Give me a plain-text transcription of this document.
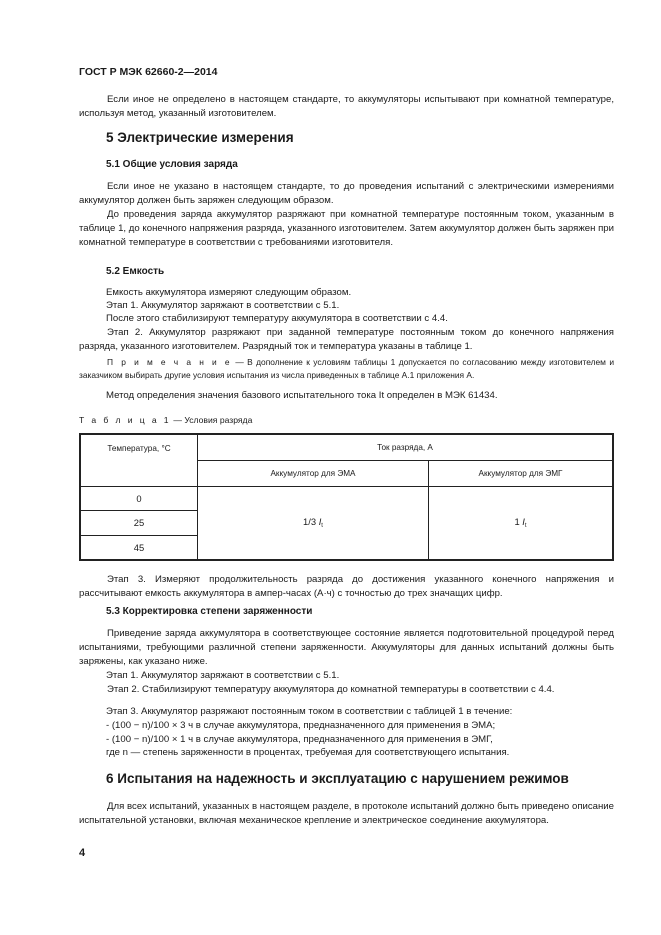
ГОСТ Р МЭК 62660-2—2014
Если иное не определено в настоящем стандарте, то аккумуляторы испытывают при комнатной температуре, используя метод, указанный изготовителем.
5 Электрические измерения
5.1 Общие условия заряда
Если иное не указано в настоящем стандарте, то до проведения испытаний с электрическими измерениями аккумулятор должен быть заряжен следующим образом.
До проведения заряда аккумулятор разряжают при комнатной температуре постоянным током, указанным в таблице 1, до конечного напряжения разряда, указанного изготовителем. Затем аккумулятор должен быть заряжен при комнатной температуре в соответствии с требованиями изготовителя.
5.2 Емкость
Емкость аккумулятора измеряют следующим образом.
Этап 1. Аккумулятор заряжают в соответствии с 5.1.
После этого стабилизируют температуру аккумулятора в соответствии с 4.4.
Этап 2. Аккумулятор разряжают при заданной температуре постоянным током до конечного напряжения разряда, указанного изготовителем. Разрядный ток и температура указаны в таблице 1.
П р и м е ч а н и е — В дополнение к условиям таблицы 1 допускается по согласованию между изготовителем и заказчиком выбирать другие условия испытания из числа приведенных в таблице А.1 приложения А.
Метод определения значения базового испытательного тока It определен в МЭК 61434.
Т а б л и ц а 1 — Условия разряда
Температура, °С	Ток разряда, А	
	Аккумулятор для ЭМА	Аккумулятор для ЭМГ
0	1/3 $I_t$	1 $I_t$
25		
45		
Этап 3. Измеряют продолжительность разряда до достижения указанного конечного напряжения и рассчитывают емкость аккумулятора в ампер-часах (А·ч) с точностью до трех значащих цифр.
5.3 Корректировка степени заряженности
Приведение заряда аккумулятора в соответствующее состояние является подготовительной процедурой перед испытаниями, требующими различной степени заряженности. Аккумуляторы для данных испытаний должны быть заряжены, как указано ниже.
Этап 1. Аккумулятор заряжают в соответствии с 5.1.
Этап 2. Стабилизируют температуру аккумулятора до комнатной температуры в соответствии с 4.4.
Этап 3. Аккумулятор разряжают постоянным током в соответствии с таблицей 1 в течение:
- (100 − n)/100 × 3 ч в случае аккумулятора, предназначенного для применения в ЭМА;
- (100 − n)/100 × 1 ч в случае аккумулятора, предназначенного для применения в ЭМГ,
где n — степень заряженности в процентах, требуемая для соответствующего испытания.
6 Испытания на надежность и эксплуатацию с нарушением режимов
Для всех испытаний, указанных в настоящем разделе, в протоколе испытаний должно быть приведено описание испытательной установки, включая механическое крепление и электрическое соединение аккумулятора.
4
